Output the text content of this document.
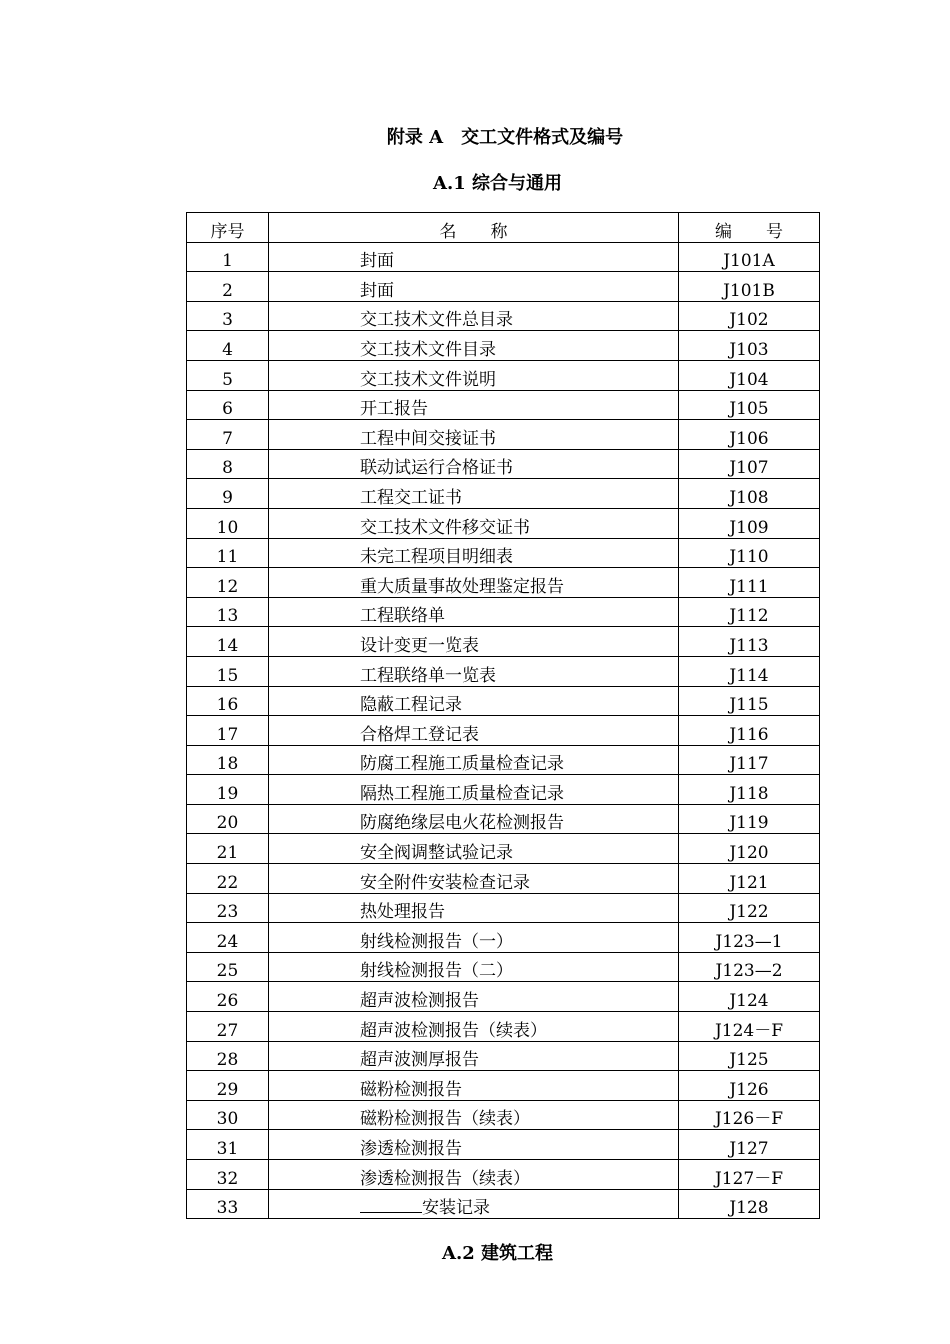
附录 A　交工文件格式及编号
A.1 综合与通用
序号	名　　称	编　　号
1	封面	J101A
2	封面	J101B
3	交工技术文件总目录	J102
4	交工技术文件目录	J103
5	交工技术文件说明	J104
6	开工报告	J105
7	工程中间交接证书	J106
8	联动试运行合格证书	J107
9	工程交工证书	J108
10	交工技术文件移交证书	J109
11	未完工程项目明细表	J110
12	重大质量事故处理鉴定报告	J111
13	工程联络单	J112
14	设计变更一览表	J113
15	工程联络单一览表	J114
16	隐蔽工程记录	J115
17	合格焊工登记表	J116
18	防腐工程施工质量检查记录	J117
19	隔热工程施工质量检查记录	J118
20	防腐绝缘层电火花检测报告	J119
21	安全阀调整试验记录	J120
22	安全附件安装检查记录	J121
23	热处理报告	J122
24	射线检测报告（一）	J123—1
25	射线检测报告（二）	J123—2
26	超声波检测报告	J124
27	超声波检测报告（续表）	J124－F
28	超声波测厚报告	J125
29	磁粉检测报告	J126
30	磁粉检测报告（续表）	J126－F
31	渗透检测报告	J127
32	渗透检测报告（续表）	J127－F
33	安装记录	J128
A.2 建筑工程
